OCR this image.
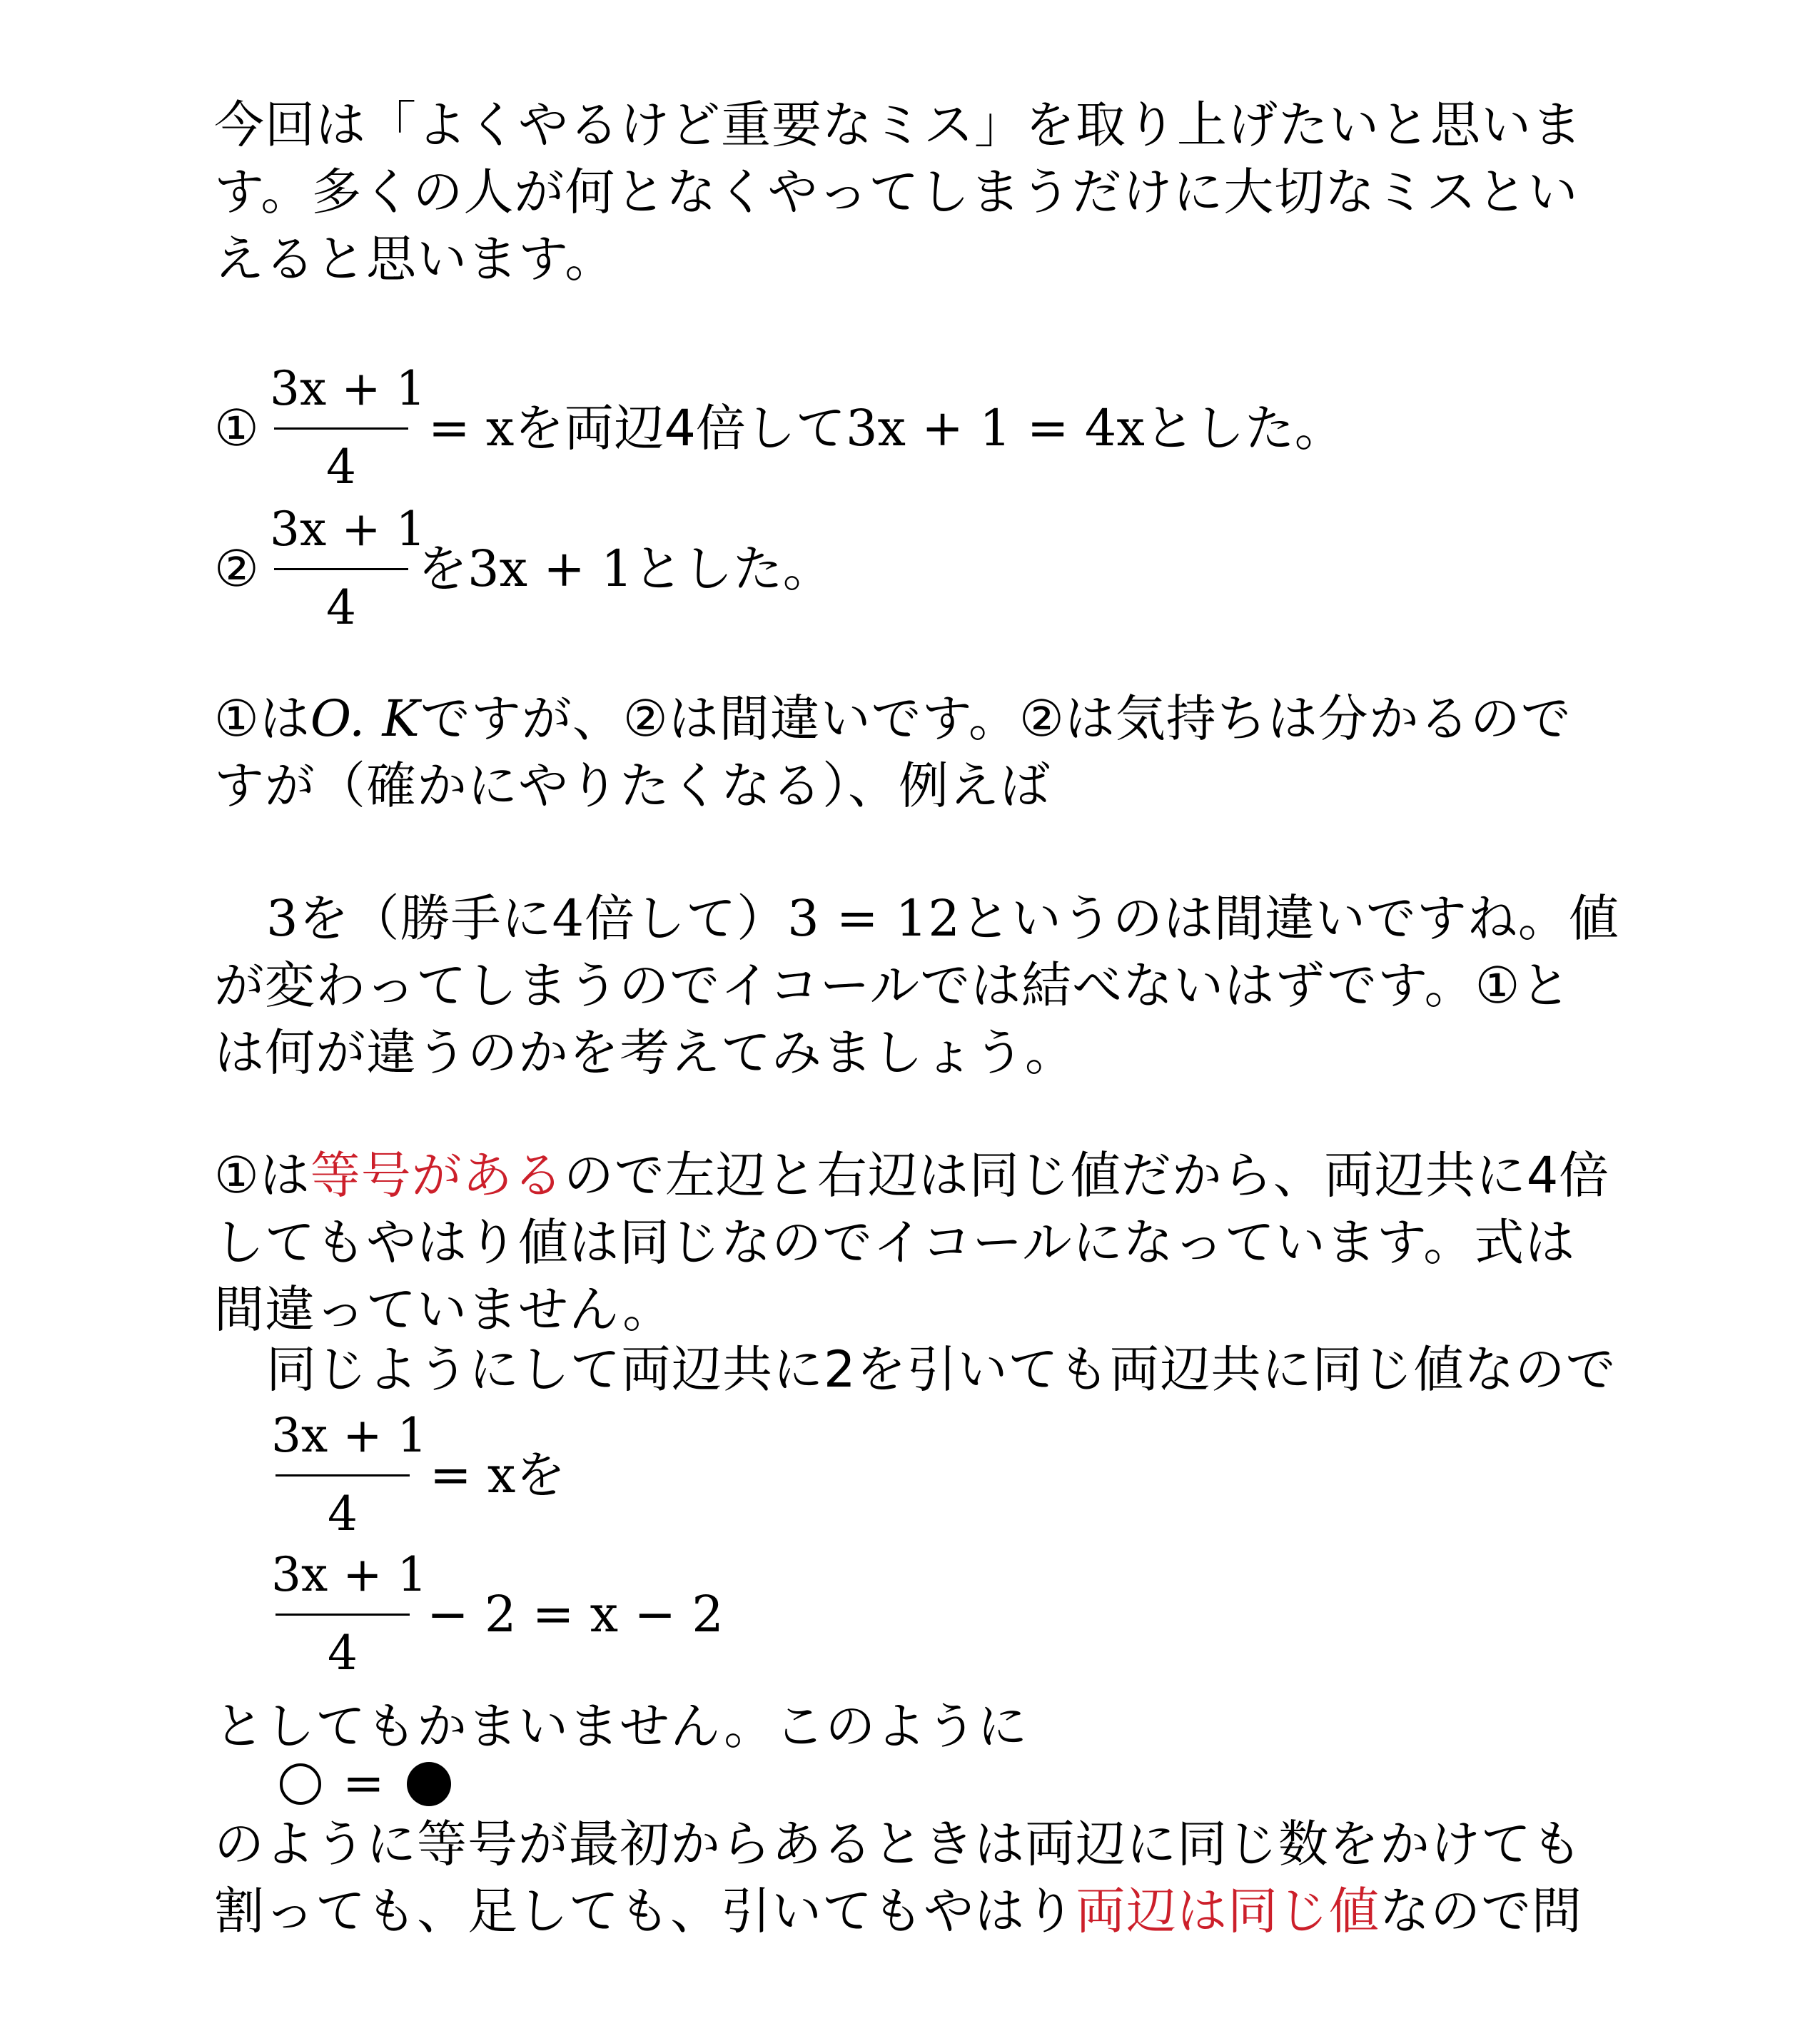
今回は「よくやるけど重要なミス」を取り上げたいと思いま
す。多くの人が何となくやってしまうだけに大切なミスとい
えると思います。
①
3x + 1
4
= xを両辺4倍して3x + 1 = 4xとした。
②
3x + 1
4
を3x + 1とした。
①はO. Kですが、②は間違いです。②は気持ちは分かるので
すが（確かにやりたくなる）、例えば
3を（勝手に4倍して）3 = 12というのは間違いですね。値
が変わってしまうのでイコールでは結べないはずです。①と
は何が違うのかを考えてみましょう。
①は等号があるので左辺と右辺は同じ値だから、両辺共に4倍
してもやはり値は同じなのでイコールになっています。式は
間違っていません。
同じようにして両辺共に2を引いても両辺共に同じ値なので
3x + 1
4
= xを
3x + 1
4
− 2 = x − 2
としてもかまいません。このように
=
のように等号が最初からあるときは両辺に同じ数をかけても
割っても、足しても、引いてもやはり両辺は同じ値なので問
